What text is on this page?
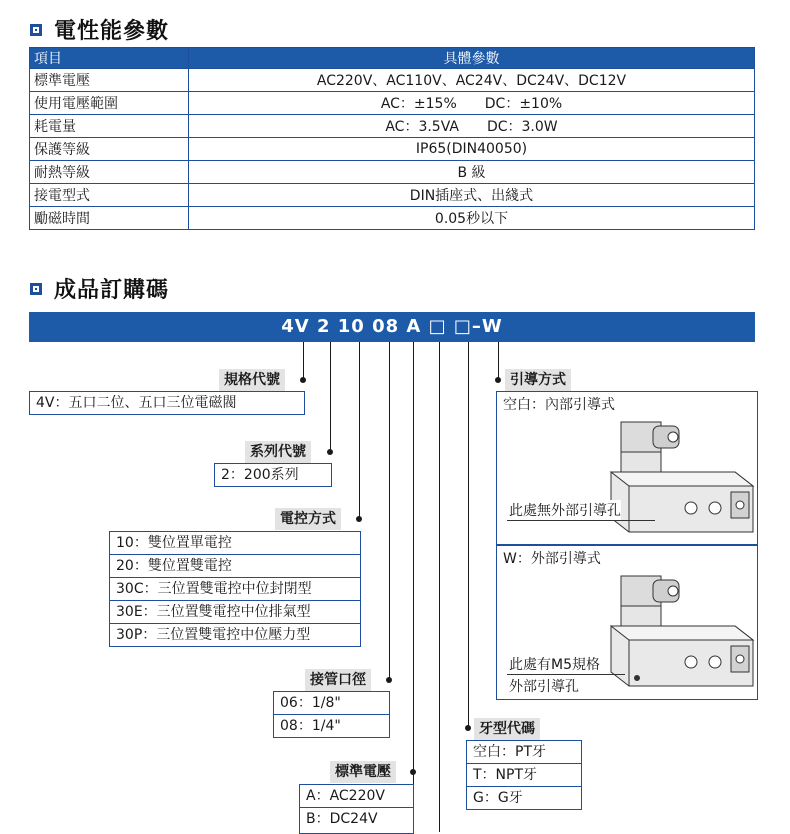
電性能參數
項目	具體參數
標準電壓	AC220V、AC110V、AC24V、DC24V、DC12V
使用電壓範圍	AC：±15%　　DC：±10%
耗電量	AC：3.5VA　　DC：3.0W
保護等級	IP65(DIN40050)
耐熱等級	B 級
接電型式	DIN插座式、出綫式
勵磁時間	0.05秒以下
成品訂購碼
4V 2 10 08 A □ □–W
規格代號
4V：五口二位、五口三位電磁閥
系列代號
2：200系列
電控方式
10：雙位置單電控
20：雙位置雙電控
30C：三位置雙電控中位封閉型
30E：三位置雙電控中位排氣型
30P：三位置雙電控中位壓力型
接管口徑
06：1/8"
08：1/4"
標準電壓
A：AC220V
B：DC24V
牙型代碼
空白：PT牙
T：NPT牙
G：G牙
引導方式
空白：內部引導式
此處無外部引導孔
W：外部引導式
此處有M5規格
外部引導孔
